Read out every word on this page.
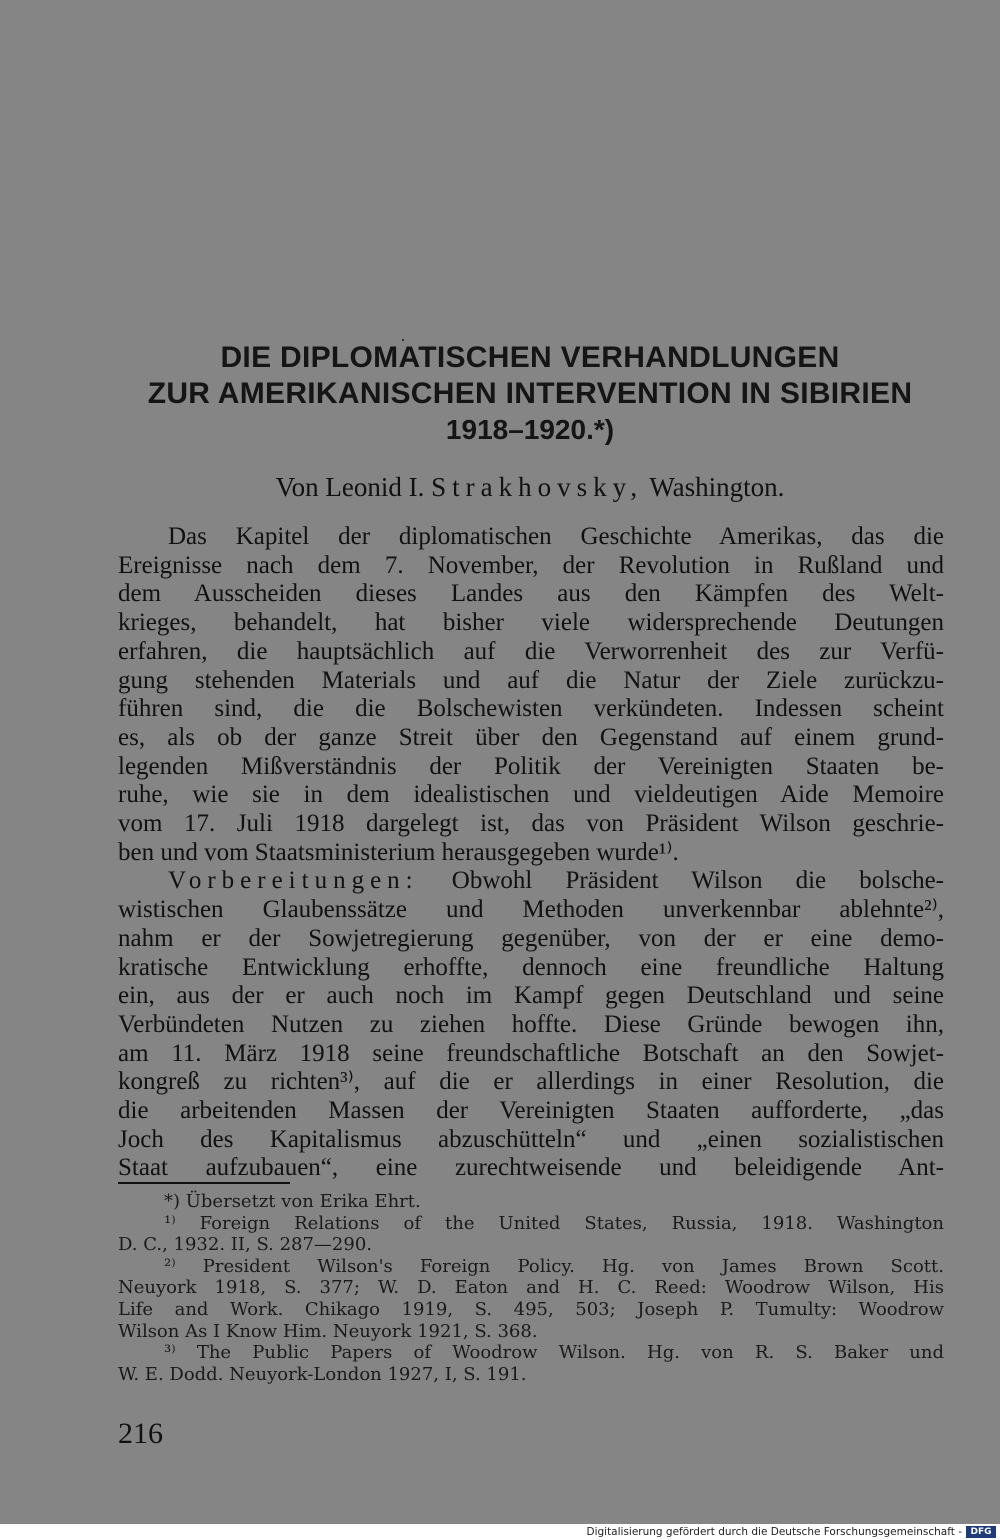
DIE DIPLOMATISCHEN VERHANDLUNGEN
ZUR AMERIKANISCHEN INTERVENTION IN SIBIRIEN
1918–1920.*)
Von Leonid I. Strakhovsky, Washington.
Das Kapitel der diplomatischen Geschichte Amerikas, das die
Ereignisse nach dem 7. November, der Revolution in Rußland und
dem Ausscheiden dieses Landes aus den Kämpfen des Welt-
krieges, behandelt, hat bisher viele widersprechende Deutungen
erfahren, die hauptsächlich auf die Verworrenheit des zur Verfü-
gung stehenden Materials und auf die Natur der Ziele zurückzu-
führen sind, die die Bolschewisten verkündeten. Indessen scheint
es, als ob der ganze Streit über den Gegenstand auf einem grund-
legenden Mißverständnis der Politik der Vereinigten Staaten be-
ruhe, wie sie in dem idealistischen und vieldeutigen Aide Memoire
vom 17. Juli 1918 dargelegt ist, das von Präsident Wilson geschrie-
ben und vom Staatsministerium herausgegeben wurde¹⁾.
Vorbereitungen: Obwohl Präsident Wilson die bolsche-
wistischen Glaubenssätze und Methoden unverkennbar ablehnte²⁾,
nahm er der Sowjetregierung gegenüber, von der er eine demo-
kratische Entwicklung erhoffte, dennoch eine freundliche Haltung
ein, aus der er auch noch im Kampf gegen Deutschland und seine
Verbündeten Nutzen zu ziehen hoffte. Diese Gründe bewogen ihn,
am 11. März 1918 seine freundschaftliche Botschaft an den Sowjet-
kongreß zu richten³⁾, auf die er allerdings in einer Resolution, die
die arbeitenden Massen der Vereinigten Staaten aufforderte, „das
Joch des Kapitalismus abzuschütteln“ und „einen sozialistischen
Staat aufzubauen“, eine zurechtweisende und beleidigende Ant-
*) Übersetzt von Erika Ehrt.
¹⁾ Foreign Relations of the United States, Russia, 1918. Washington
D. C., 1932. II, S. 287—290.
²⁾ President Wilson's Foreign Policy. Hg. von James Brown Scott.
Neuyork 1918, S. 377; W. D. Eaton and H. C. Reed: Woodrow Wilson, His
Life and Work. Chikago 1919, S. 495, 503; Joseph P. Tumulty: Woodrow
Wilson As I Know Him. Neuyork 1921, S. 368.
³⁾ The Public Papers of Woodrow Wilson. Hg. von R. S. Baker und
W. E. Dodd. Neuyork-London 1927, I, S. 191.
216
Digitalisierung gefördert durch die Deutsche Forschungsgemeinschaft - DFG
